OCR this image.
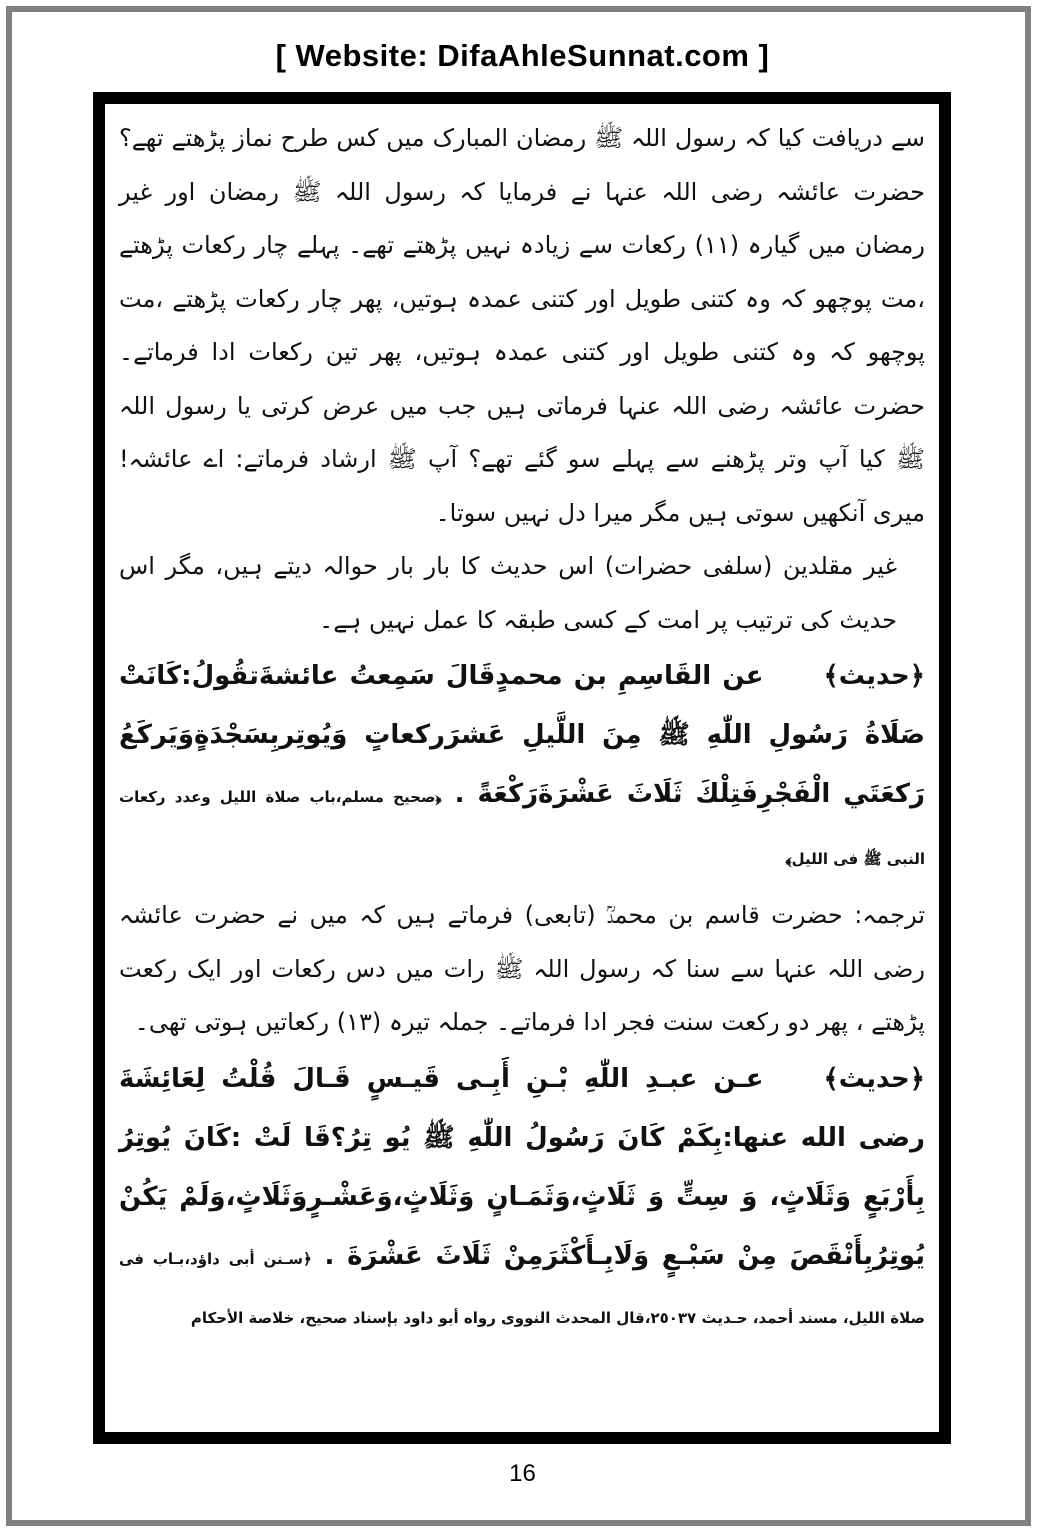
[ Website: DifaAhleSunnat.com ]

سے دریافت کیا کہ رسول اللہ ﷺ رمضان المبارک میں کس طرح نماز پڑھتے تھے؟ حضرت عائشہ رضی اللہ عنہا نے فرمایا کہ رسول اللہ ﷺ رمضان اور غیر رمضان میں گیارہ (١١) رکعات سے زیادہ نہیں پڑھتے تھے۔ پہلے چار رکعات پڑھتے ،مت پوچھو کہ وہ کتنی طویل اور کتنی عمدہ ہوتیں، پھر چار رکعات پڑھتے ،مت پوچھو کہ وہ کتنی طویل اور کتنی عمدہ ہوتیں، پھر تین رکعات ادا فرماتے۔ حضرت عائشہ رضی اللہ عنہا فرماتی ہیں جب میں عرض کرتی یا رسول اللہ ﷺ کیا آپ وتر پڑھنے سے پہلے سو گئے تھے؟ آپ ﷺ ارشاد فرماتے: اے عائشہ! میری آنکھیں سوتی ہیں مگر میرا دل نہیں سوتا۔

غیر مقلدین (سلفی حضرات) اس حدیث کا بار بار حوالہ دیتے ہیں، مگر اس حدیث کی ترتیب پر امت کے کسی طبقہ کا عمل نہیں ہے۔

﴿حدیث﴾عن القَاسِمِ بن محمدٍقَالَ سَمِعتُ عائشةَتقُولُ:كَانَتْ صَلَاةُ رَسُولِ اللّٰهِ ﷺ مِنَ اللَّيلِ عَشرَرکعاتٍ وَيُوتِربِسَجْدَةٍوَيَركَعُ رَكعَتَي الْفَجْرِفَتِلْكَ ثَلَاثَ عَشْرَةَرَكْعَةً . ﴿صحیح مسلم،باب صلاة اللیل وعدد رکعات النبی ﷺ فی اللیل﴾

ترجمہ: حضرت قاسم بن محمدؒ (تابعی) فرماتے ہیں کہ میں نے حضرت عائشہ رضی اللہ عنہا سے سنا کہ رسول اللہ ﷺ رات میں دس رکعات اور ایک رکعت پڑھتے ، پھر دو رکعت سنت فجر ادا فرماتے۔ جملہ تیرہ (١٣) رکعاتیں ہوتی تھی۔

﴿حدیث﴾عـن عبـدِ اللّٰهِ بْـنِ أَبِـی قَيـسٍ قَـالَ قُلْتُ لِعَائِشَةَ رضی الله عنها:بِكَمْ كَانَ رَسُولُ اللّٰهِ ﷺ يُو تِرُ؟قَا لَتْ :كَانَ يُوتِرُ بِأَرْبَعٍ وَثَلَاثٍ، وَ سِتٍّ وَ ثَلَاثٍ،وَثَمَـانٍ وَثَلَاثٍ،وَعَشْـرٍوَثَلَاثٍ،وَلَمْ يَكُنْ يُوتِرُبِأَنْقَصَ مِنْ سَبْـعٍ وَلَابِـأَكْثَرَمِنْ ثَلَاثَ عَشْرَةَ . ﴿سـنن أبی داؤد،بـاب فی صلاة اللیل، مسند أحمد، حـديث ٢٥٠٣٧،قال المحدث النووی رواه أبو داود بإسناد صحيح، خلاصة الأحكام

16
